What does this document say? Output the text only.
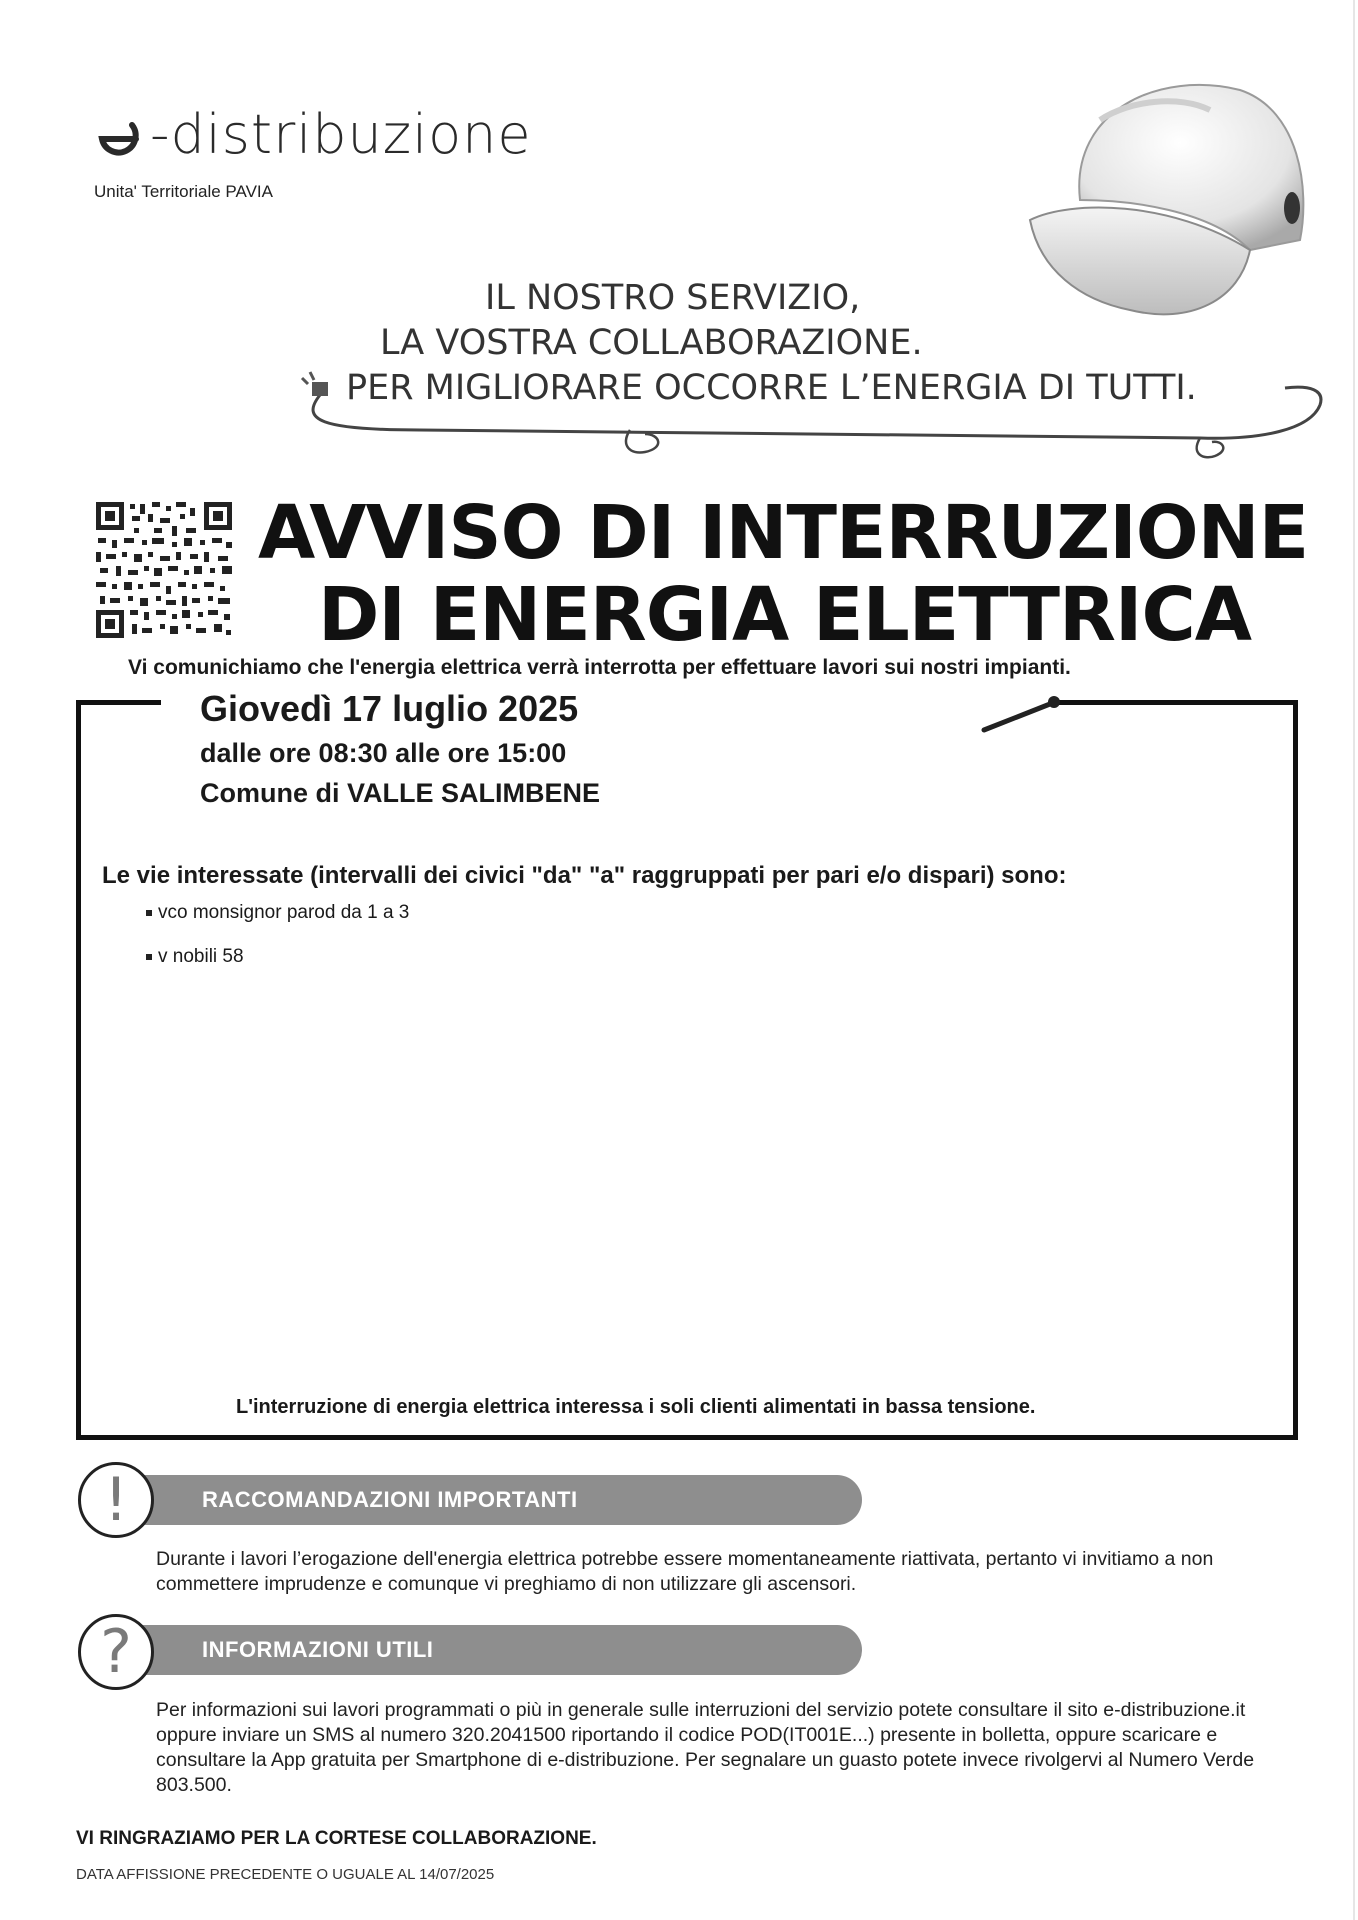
-distribuzione
Unita' Territoriale PAVIA
IL NOSTRO SERVIZIO,
LA VOSTRA COLLABORAZIONE.
PER MIGLIORARE OCCORRE L’ENERGIA DI TUTTI.
AVVISO DI INTERRUZIONE
DI ENERGIA ELETTRICA
Vi comunichiamo che l'energia elettrica verrà interrotta per effettuare lavori sui nostri impianti.
Giovedì 17 luglio 2025
dalle ore 08:30 alle ore 15:00
Comune di VALLE SALIMBENE
Le vie interessate (intervalli dei civici "da" "a" raggruppati per pari e/o dispari) sono:
vco monsignor parod da 1 a 3
v nobili 58
L'interruzione di energia elettrica interessa i soli clienti alimentati in bassa tensione.
RACCOMANDAZIONI IMPORTANTI
!
Durante i lavori l’erogazione dell'energia elettrica potrebbe essere momentaneamente riattivata, pertanto vi invitiamo a non commettere imprudenze e comunque vi preghiamo di non utilizzare gli ascensori.
INFORMAZIONI UTILI
?
Per informazioni sui lavori programmati o più in generale sulle interruzioni del servizio potete consultare il sito e-distribuzione.it oppure inviare un SMS al numero 320.2041500 riportando il codice POD(IT001E...) presente in bolletta, oppure scaricare e consultare la App gratuita per Smartphone di e-distribuzione. Per segnalare un guasto potete invece rivolgervi al Numero Verde 803.500.
VI RINGRAZIAMO PER LA CORTESE COLLABORAZIONE.
DATA AFFISSIONE PRECEDENTE O UGUALE AL 14/07/2025
